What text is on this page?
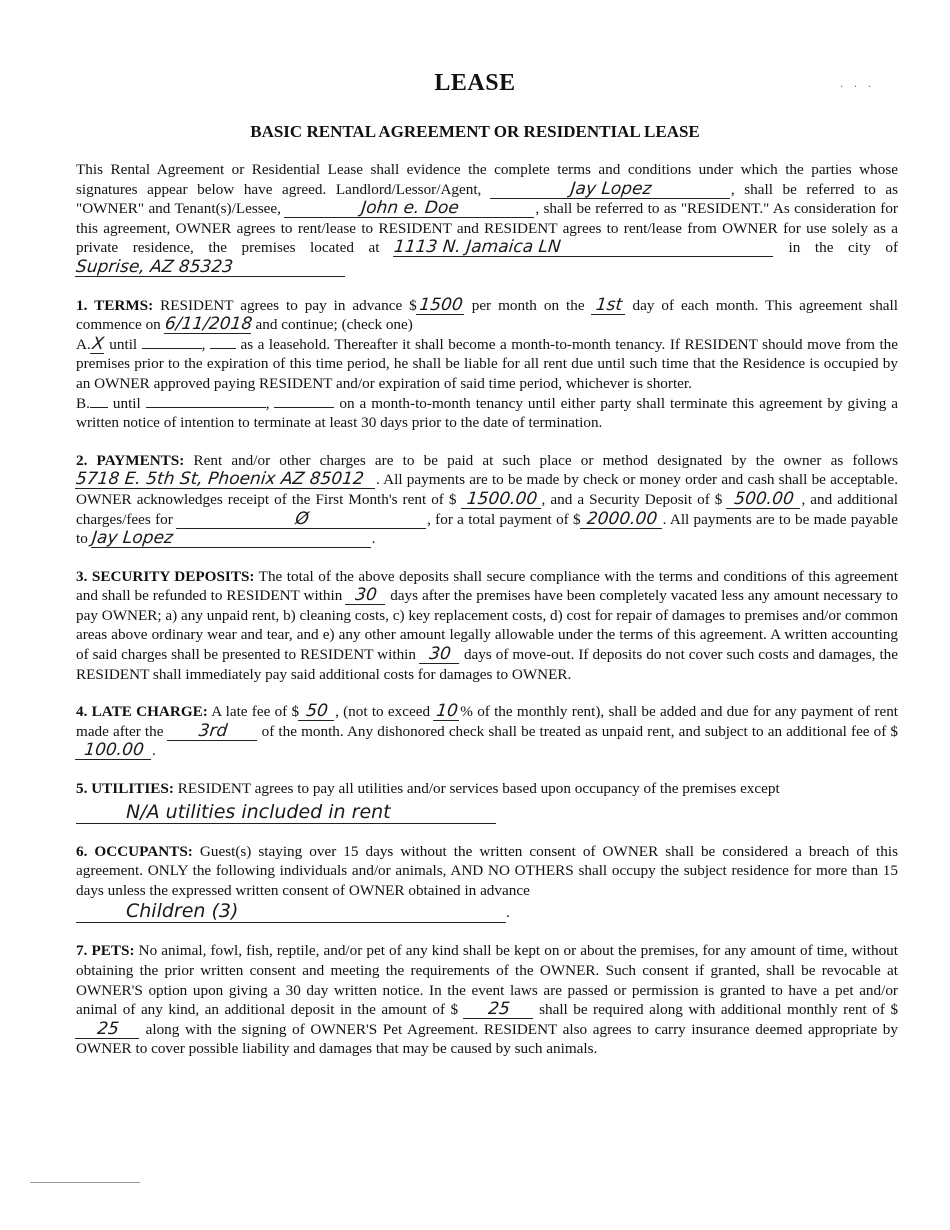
LEASE	· · ·
BASIC RENTAL AGREEMENT OR RESIDENTIAL LEASE

This Rental Agreement or Residential Lease shall evidence the complete terms and conditions under which the parties whose signatures appear below have agreed. Landlord/Lessor/Agent,	Jay Lopez	, shall be referred to as "OWNER" and Tenant(s)/Lessee,	John e. Doe	, shall be referred to as "RESIDENT." As consideration for this agreement, OWNER agrees to rent/lease to RESIDENT and RESIDENT agrees to rent/lease from OWNER for use solely as a private residence, the premises located at 1113 N. Jamaica LN	in the city of Suprise, AZ 85323

1. TERMS: RESIDENT agrees to pay in advance $1500 per month on the 1st day of each month. This agreement shall commence on 6/11/2018 and continue; (check one)

A.X until	,  as a leasehold. Thereafter it shall become a month-to-month tenancy. If RESIDENT should move from the premises prior to the expiration of this time period, he shall be liable for all rent due until such time that the Residence is occupied by an OWNER approved paying RESIDENT and/or expiration of said time period, whichever is shorter.

B. until	,	on a month-to-month tenancy until either party shall terminate this agreement by giving a written notice of intention to terminate at least 30 days prior to the date of termination.

2. PAYMENTS: Rent and/or other charges are to be paid at such place or method designated by the owner as follows 5718 E. 5th St, Phoenix AZ 85012 . All payments are to be made by check or money order and cash shall be acceptable. OWNER acknowledges receipt of the First Month's rent of $ 1500.00 , and a Security Deposit of $ 500.00 , and additional charges/fees for	Ø	, for a total payment of $ 2000.00 . All payments are to be made payable to Jay Lopez	.

3. SECURITY DEPOSITS: The total of the above deposits shall secure compliance with the terms and conditions of this agreement and shall be refunded to RESIDENT within 30 days after the premises have been completely vacated less any amount necessary to pay OWNER; a) any unpaid rent, b) cleaning costs, c) key replacement costs, d) cost for repair of damages to premises and/or common areas above ordinary wear and tear, and e) any other amount legally allowable under the terms of this agreement. A written accounting of said charges shall be presented to RESIDENT within 30 days of move-out. If deposits do not cover such costs and damages, the RESIDENT shall immediately pay said additional costs for damages to OWNER.

4. LATE CHARGE: A late fee of $ 50 , (not to exceed 10% of the monthly rent), shall be added and due for any payment of rent made after the 3rd of the month. Any dishonored check shall be treated as unpaid rent, and subject to an additional fee of $100.00 .

5. UTILITIES: RESIDENT agrees to pay all utilities and/or services based upon occupancy of the premises except

N/A utilities included in rent

6. OCCUPANTS: Guest(s) staying over 15 days without the written consent of OWNER shall be considered a breach of this agreement. ONLY the following individuals and/or animals, AND NO OTHERS shall occupy the subject residence for more than 15 days unless the expressed written consent of OWNER obtained in advance

Children (3)	.

7. PETS: No animal, fowl, fish, reptile, and/or pet of any kind shall be kept on or about the premises, for any amount of time, without obtaining the prior written consent and meeting the requirements of the OWNER. Such consent if granted, shall be revocable at OWNER'S option upon giving a 30 day written notice. In the event laws are passed or permission is granted to have a pet and/or animal of any kind, an additional deposit in the amount of $ 25 shall be required along with additional monthly rent of $ 25 along with the signing of OWNER'S Pet Agreement. RESIDENT also agrees to carry insurance deemed appropriate by OWNER to cover possible liability and damages that may be caused by such animals.
